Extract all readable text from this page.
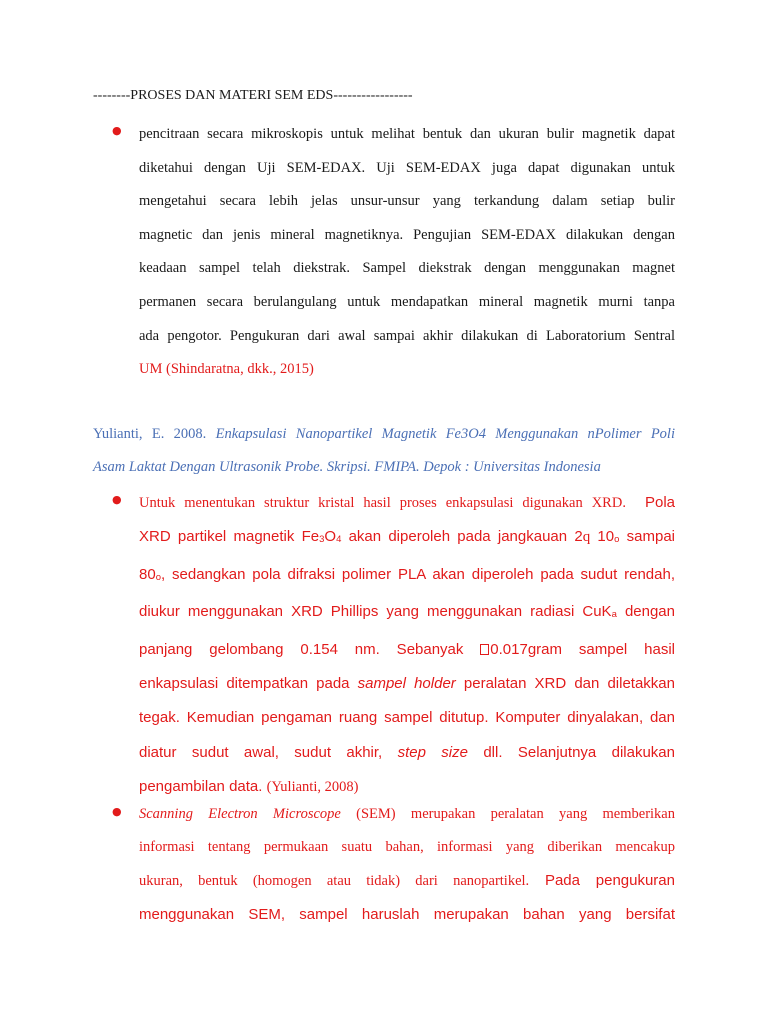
--------PROSES DAN MATERI SEM EDS-----------------
● pencitraan secara mikroskopis untuk melihat bentuk dan ukuran bulir magnetik dapat
diketahui dengan Uji SEM-EDAX. Uji SEM-EDAX juga dapat digunakan untuk
mengetahui secara lebih jelas unsur-unsur yang terkandung dalam setiap bulir
magnetic dan jenis mineral magnetiknya. Pengujian SEM-EDAX dilakukan dengan
keadaan sampel telah diekstrak. Sampel diekstrak dengan menggunakan magnet
permanen secara berulangulang untuk mendapatkan mineral magnetik murni tanpa
ada pengotor. Pengukuran dari awal sampai akhir dilakukan di Laboratorium Sentral
UM (Shindaratna, dkk., 2015)
Yulianti, E. 2008. Enkapsulasi Nanopartikel Magnetik Fe3O4 Menggunakan nPolimer Poli
Asam Laktat Dengan Ultrasonik Probe. Skripsi. FMIPA. Depok : Universitas Indonesia
● Untuk menentukan struktur kristal hasil proses enkapsulasi digunakan XRD.  Pola
XRD partikel magnetik Fe3O4 akan diperoleh pada jangkauan 2q 10o sampai
80o, sedangkan pola difraksi polimer PLA akan diperoleh pada sudut rendah,
diukur menggunakan XRD Phillips yang menggunakan radiasi CuKa dengan
panjang gelombang 0.154 nm. Sebanyak 0.017gram sampel hasil
enkapsulasi ditempatkan pada sampel holder peralatan XRD dan diletakkan
tegak. Kemudian pengaman ruang sampel ditutup. Komputer dinyalakan, dan
diatur sudut awal, sudut akhir, step size dll. Selanjutnya dilakukan
pengambilan data. (Yulianti, 2008)
● Scanning Electron Microscope (SEM) merupakan peralatan yang memberikan
informasi tentang permukaan suatu bahan, informasi yang diberikan mencakup
ukuran, bentuk (homogen atau tidak) dari nanopartikel. Pada pengukuran
menggunakan SEM, sampel haruslah merupakan bahan yang bersifat
